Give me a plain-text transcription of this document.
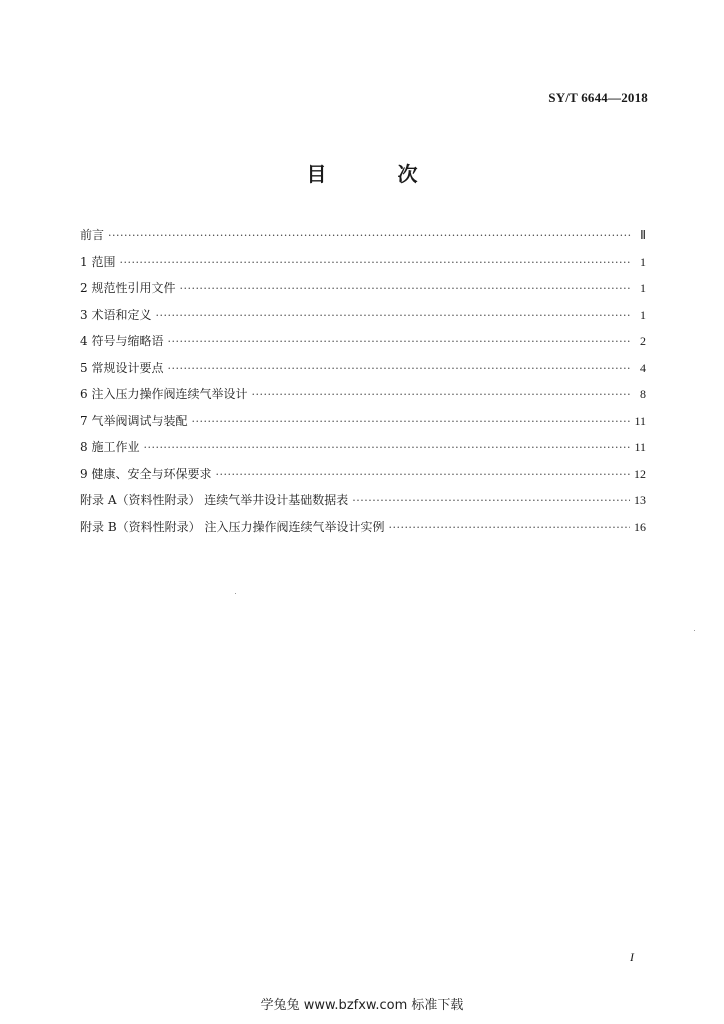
SY/T 6644—2018
目 次
前言 ·····	Ⅱ
1 范围 ·····	1
2 规范性引用文件 ·····	1
3 术语和定义 ·····	1
4 符号与缩略语 ·····	2
5 常规设计要点 ·····	4
6 注入压力操作阀连续气举设计 ·····	8
7 气举阀调试与装配 ·····	11
8 施工作业 ·····	11
9 健康、安全与环保要求 ·····	12
附录 A（资料性附录） 连续气举井设计基础数据表 ·····	13
附录 B（资料性附录） 注入压力操作阀连续气举设计实例 ·····	16
I
学兔兔 www.bzfxw.com 标准下载
